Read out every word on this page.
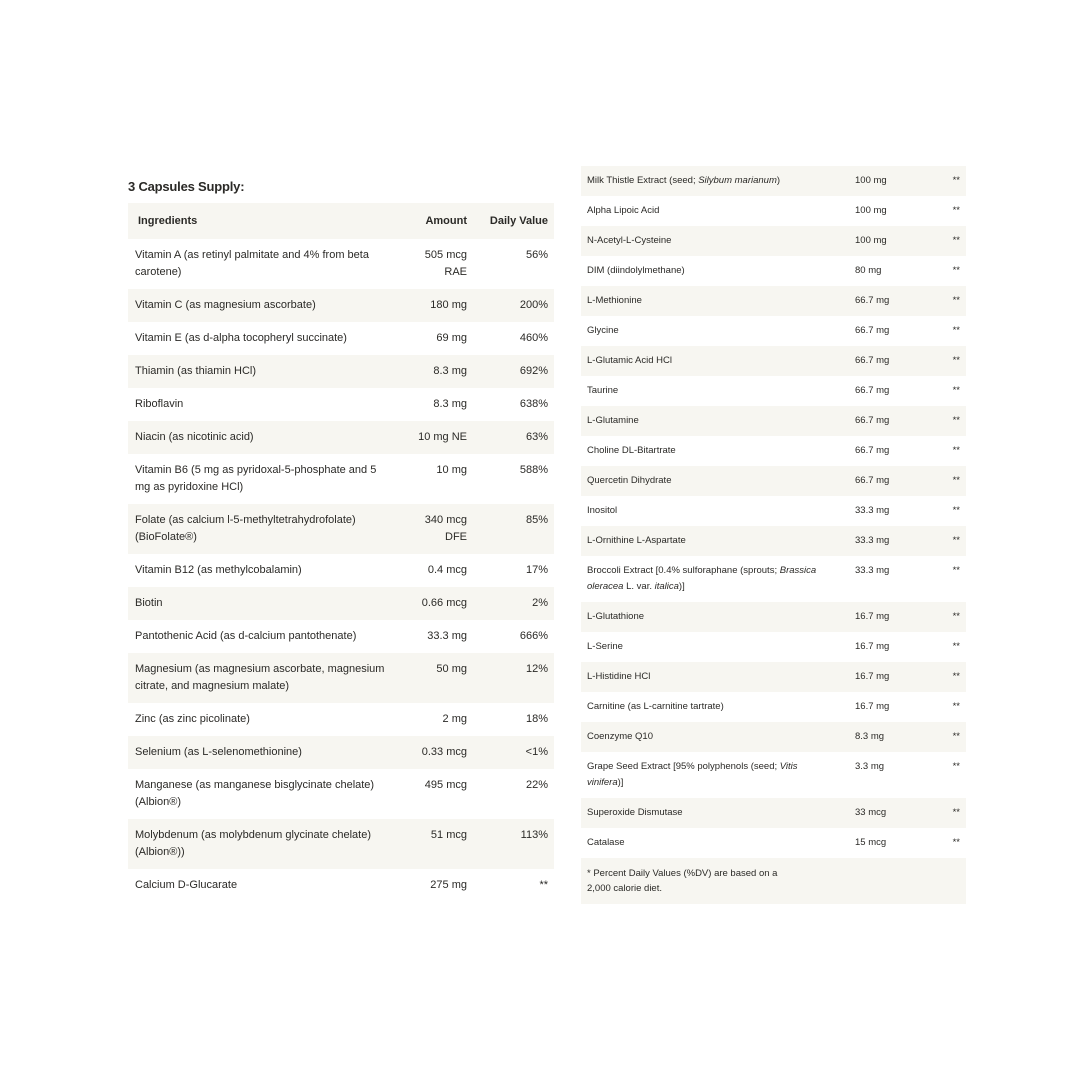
3 Capsules Supply:
Ingredients	Amount	Daily Value
Vitamin A (as retinyl palmitate and 4% from beta carotene)	505 mcg RAE	56%
Vitamin C (as magnesium ascorbate)	180 mg	200%
Vitamin E (as d-alpha tocopheryl succinate)	69 mg	460%
Thiamin (as thiamin HCl)	8.3 mg	692%
Riboflavin	8.3 mg	638%
Niacin (as nicotinic acid)	10 mg NE	63%
Vitamin B6 (5 mg as pyridoxal-5-phosphate and 5 mg as pyridoxine HCl)	10 mg	588%
Folate (as calcium l-5-methyltetrahydrofolate) (BioFolate®)	340 mcg DFE	85%
Vitamin B12 (as methylcobalamin)	0.4 mcg	17%
Biotin	0.66 mcg	2%
Pantothenic Acid (as d-calcium pantothenate)	33.3 mg	666%
Magnesium (as magnesium ascorbate, magnesium citrate, and magnesium malate)	50 mg	12%
Zinc (as zinc picolinate)	2 mg	18%
Selenium (as L-selenomethionine)	0.33 mcg	<1%
Manganese (as manganese bisglycinate chelate) (Albion®)	495 mcg	22%
Molybdenum (as molybdenum glycinate chelate) (Albion®))	51 mcg	113%
Calcium D-Glucarate	275 mg	**
Milk Thistle Extract (seed; Silybum marianum)	100 mg	**
Alpha Lipoic Acid	100 mg	**
N-Acetyl-L-Cysteine	100 mg	**
DIM (diindolylmethane)	80 mg	**
L-Methionine	66.7 mg	**
Glycine	66.7 mg	**
L-Glutamic Acid HCl	66.7 mg	**
Taurine	66.7 mg	**
L-Glutamine	66.7 mg	**
Choline DL-Bitartrate	66.7 mg	**
Quercetin Dihydrate	66.7 mg	**
Inositol	33.3 mg	**
L-Ornithine L-Aspartate	33.3 mg	**
Broccoli Extract [0.4% sulforaphane (sprouts; Brassica oleracea L. var. italica)]	33.3 mg	**
L-Glutathione	16.7 mg	**
L-Serine	16.7 mg	**
L-Histidine HCl	16.7 mg	**
Carnitine (as L-carnitine tartrate)	16.7 mg	**
Coenzyme Q10	8.3 mg	**
Grape Seed Extract [95% polyphenols (seed; Vitis vinifera)]	3.3 mg	**
Superoxide Dismutase	33 mcg	**
Catalase	15 mcg	**
* Percent Daily Values (%DV) are based on a 2,000 calorie diet.
